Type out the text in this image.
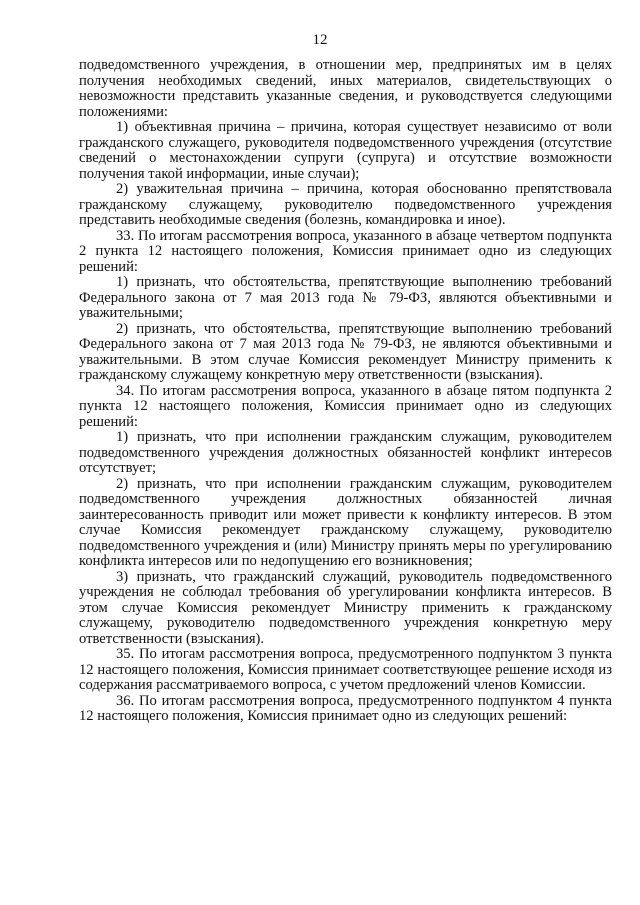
12

подведомственного учреждения, в отношении мер, предпринятых им в целях получения необходимых сведений, иных материалов, свидетельствующих о невозможности представить указанные сведения, и руководствуется следующими положениями:

1) объективная причина – причина, которая существует независимо от воли гражданского служащего, руководителя подведомственного учреждения (отсутствие сведений о местонахождении супруги (супруга) и отсутствие возможности получения такой информации, иные случаи);

2) уважительная причина – причина, которая обоснованно препятствовала гражданскому служащему, руководителю подведомственного учреждения представить необходимые сведения (болезнь, командировка и иное).

33. По итогам рассмотрения вопроса, указанного в абзаце четвертом подпункта 2 пункта 12 настоящего положения, Комиссия принимает одно из следующих решений:

1) признать, что обстоятельства, препятствующие выполнению требований Федерального закона от 7 мая 2013 года № 79-ФЗ, являются объективными и уважительными;

2) признать, что обстоятельства, препятствующие выполнению требований Федерального закона от 7 мая 2013 года № 79-ФЗ, не являются объективными и уважительными. В этом случае Комиссия рекомендует Министру применить к гражданскому служащему конкретную меру ответственности (взыскания).

34. По итогам рассмотрения вопроса, указанного в абзаце пятом подпункта 2 пункта 12 настоящего положения, Комиссия принимает одно из следующих решений:

1) признать, что при исполнении гражданским служащим, руководителем подведомственного учреждения должностных обязанностей конфликт интересов отсутствует;

2) признать, что при исполнении гражданским служащим, руководителем подведомственного учреждения должностных обязанностей личная заинтересованность приводит или может привести к конфликту интересов. В этом случае Комиссия рекомендует гражданскому служащему, руководителю подведомственного учреждения и (или) Министру принять меры по урегулированию конфликта интересов или по недопущению его возникновения;

3) признать, что гражданский служащий, руководитель подведомственного учреждения не соблюдал требования об урегулировании конфликта интересов. В этом случае Комиссия рекомендует Министру применить к гражданскому служащему, руководителю подведомственного учреждения конкретную меру ответственности (взыскания).

35. По итогам рассмотрения вопроса, предусмотренного подпунктом 3 пункта 12 настоящего положения, Комиссия принимает соответствующее решение исходя из содержания рассматриваемого вопроса, с учетом предложений членов Комиссии.

36. По итогам рассмотрения вопроса, предусмотренного подпунктом 4 пункта 12 настоящего положения, Комиссия принимает одно из следующих решений:
